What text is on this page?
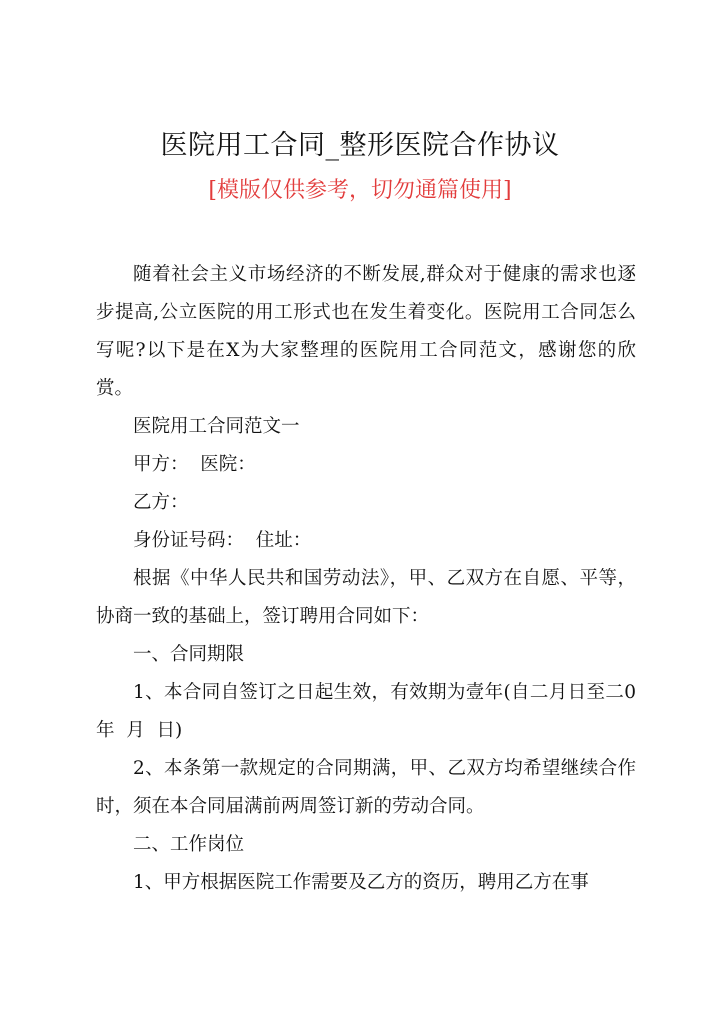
医院用工合同_整形医院合作协议
[模版仅供参考，切勿通篇使用]

随着社会主义市场经济的不断发展,群众对于健康的需求也逐步提高,公立医院的用工形式也在发生着变化。医院用工合同怎么写呢?以下是在X为大家整理的医院用工合同范文，感谢您的欣赏。

医院用工合同范文一

甲方：  医院：

乙方：

身份证号码：  住址：

根据《中华人民共和国劳动法》，甲、乙双方在自愿、平等，协商一致的基础上，签订聘用合同如下：

一、合同期限

1、本合同自签订之日起生效，有效期为壹年(自二月日至二0 年  月  日)

2、本条第一款规定的合同期满，甲、乙双方均希望继续合作时，须在本合同届满前两周签订新的劳动合同。

二、工作岗位

1、甲方根据医院工作需要及乙方的资历，聘用乙方在事
